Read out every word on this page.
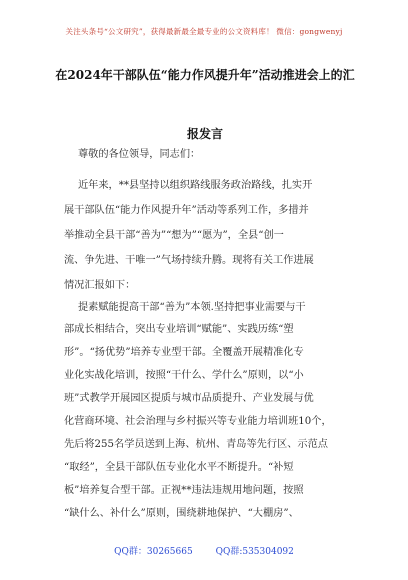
关注头条号“公文研究”，获得最新最全最专业的公文资料库！ 微信：gongwenyj
在2024年干部队伍“能力作风提升年”活动推进会上的汇
报发言
尊敬的各位领导，同志们：
近年来，**县坚持以组织路线服务政治路线，扎实开
展干部队伍“能力作风提升年”活动等系列工作，多措并
举推动全县干部“善为”“想为”“愿为”，全县“创一
流、争先进、干唯一”气场持续升腾。现将有关工作进展
情况汇报如下：
提素赋能提高干部“善为”本领.坚持把事业需要与干
部成长相结合，突出专业培训“赋能”、实践历练“塑
形”。“扬优势”培养专业型干部。全覆盖开展精准化专
业化实战化培训，按照“干什么、学什么”原则，以“小
班”式教学开展园区提质与城市品质提升、产业发展与优
化营商环境、社会治理与乡村振兴等专业能力培训班10个，
先后将255名学员送到上海、杭州、青岛等先行区、示范点
“取经”，全县干部队伍专业化水平不断提升。“补短
板”培养复合型干部。正视**违法违规用地问题，按照
“缺什么、补什么”原则，围绕耕地保护、“大棚房”、
QQ群：30265665	QQ群:535304092
